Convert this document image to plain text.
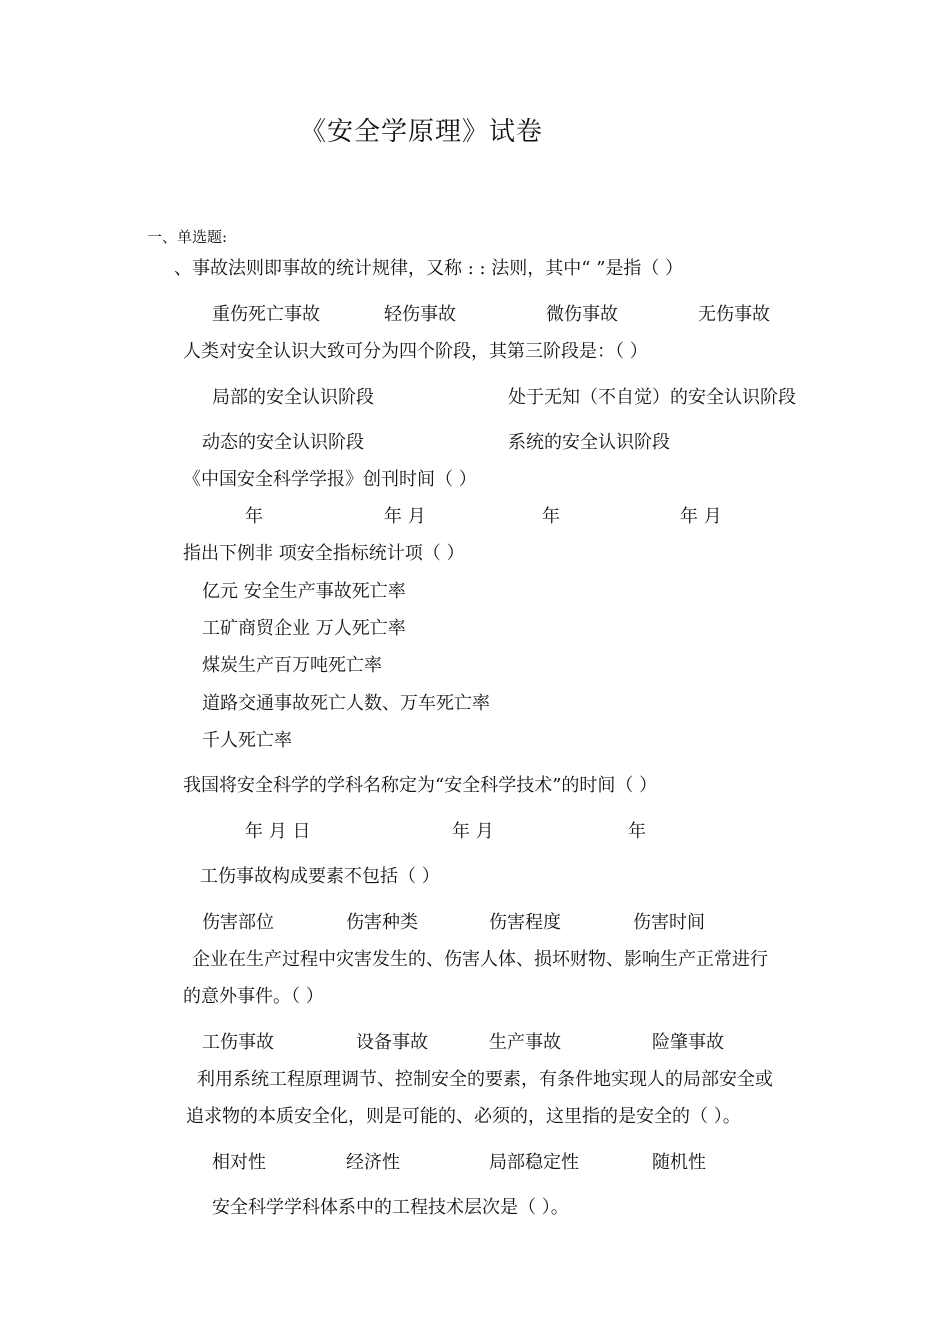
《安全学原理》试卷
一、单选题:
、事故法则即事故的统计规律，又称 : : 法则，其中“ ”是指（ ）
重伤死亡事故	轻伤事故	微伤事故	无伤事故
人类对安全认识大致可分为四个阶段，其第三阶段是：（ ）
局部的安全认识阶段	处于无知（不自觉）的安全认识阶段
动态的安全认识阶段	系统的安全认识阶段
《中国安全科学学报》创刊时间（ ）
年	年 月	年	年 月
指出下例非 项安全指标统计项（ ）
亿元 安全生产事故死亡率
工矿商贸企业 万人死亡率
煤炭生产百万吨死亡率
道路交通事故死亡人数、万车死亡率
千人死亡率
我国将安全科学的学科名称定为“安全科学技术”的时间（ ）
年 月 日	年 月	年
工伤事故构成要素不包括（ ）
伤害部位	伤害种类	伤害程度	伤害时间
企业在生产过程中灾害发生的、伤害人体、损坏财物、影响生产正常进行
的意外事件。（ ）
工伤事故	设备事故	生产事故	险肇事故
利用系统工程原理调节、控制安全的要素，有条件地实现人的局部安全或
追求物的本质安全化，则是可能的、必须的，这里指的是安全的（ ）。
相对性	经济性	局部稳定性	随机性
安全科学学科体系中的工程技术层次是（ ）。
